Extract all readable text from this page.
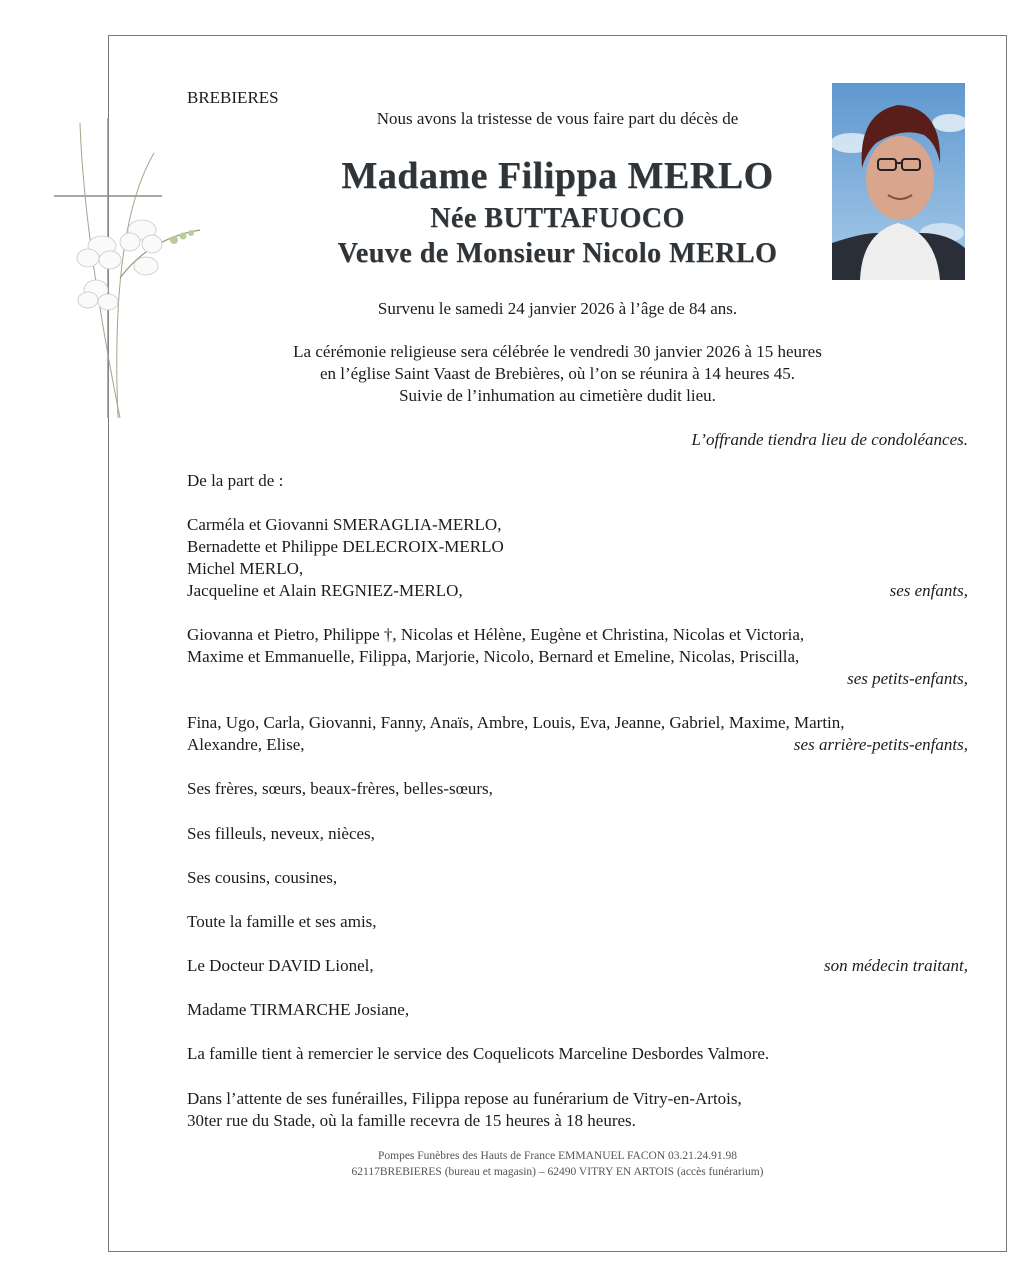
BREBIERES
Nous avons la tristesse de vous faire part du décès de
Madame Filippa MERLO
Née BUTTAFUOCO
Veuve de Monsieur Nicolo MERLO
Survenu le samedi 24 janvier 2026 à l’âge de 84 ans.
La cérémonie religieuse sera célébrée le vendredi 30 janvier 2026 à 15 heures
en l’église Saint Vaast de Brebières, où l’on se réunira à 14 heures 45.
Suivie de l’inhumation au cimetière dudit lieu.
L’offrande tiendra lieu de condoléances.
De la part de :
Carméla et Giovanni SMERAGLIA-MERLO,
Bernadette et Philippe DELECROIX-MERLO
Michel MERLO,
Jacqueline et Alain REGNIEZ-MERLO,	ses enfants,
Giovanna et Pietro, Philippe †, Nicolas et Hélène, Eugène et Christina, Nicolas et Victoria,
Maxime et Emmanuelle, Filippa, Marjorie, Nicolo, Bernard et Emeline, Nicolas, Priscilla,
ses petits-enfants,
Fina, Ugo, Carla, Giovanni, Fanny, Anaïs, Ambre, Louis, Eva, Jeanne, Gabriel, Maxime, Martin,
Alexandre, Elise,	ses arrière-petits-enfants,
Ses frères, sœurs, beaux-frères, belles-sœurs,
Ses filleuls, neveux, nièces,
Ses cousins, cousines,
Toute la famille et ses amis,
Le Docteur DAVID Lionel,	son médecin traitant,
Madame TIRMARCHE Josiane,
La famille tient à remercier le service des Coquelicots Marceline Desbordes Valmore.
Dans l’attente de ses funérailles, Filippa repose au funérarium de Vitry-en-Artois,
30ter rue du Stade, où la famille recevra de 15 heures à 18 heures.
Pompes Funèbres des Hauts de France EMMANUEL FACON 03.21.24.91.98
62117BREBIERES (bureau et magasin) – 62490 VITRY EN ARTOIS (accès funérarium)
